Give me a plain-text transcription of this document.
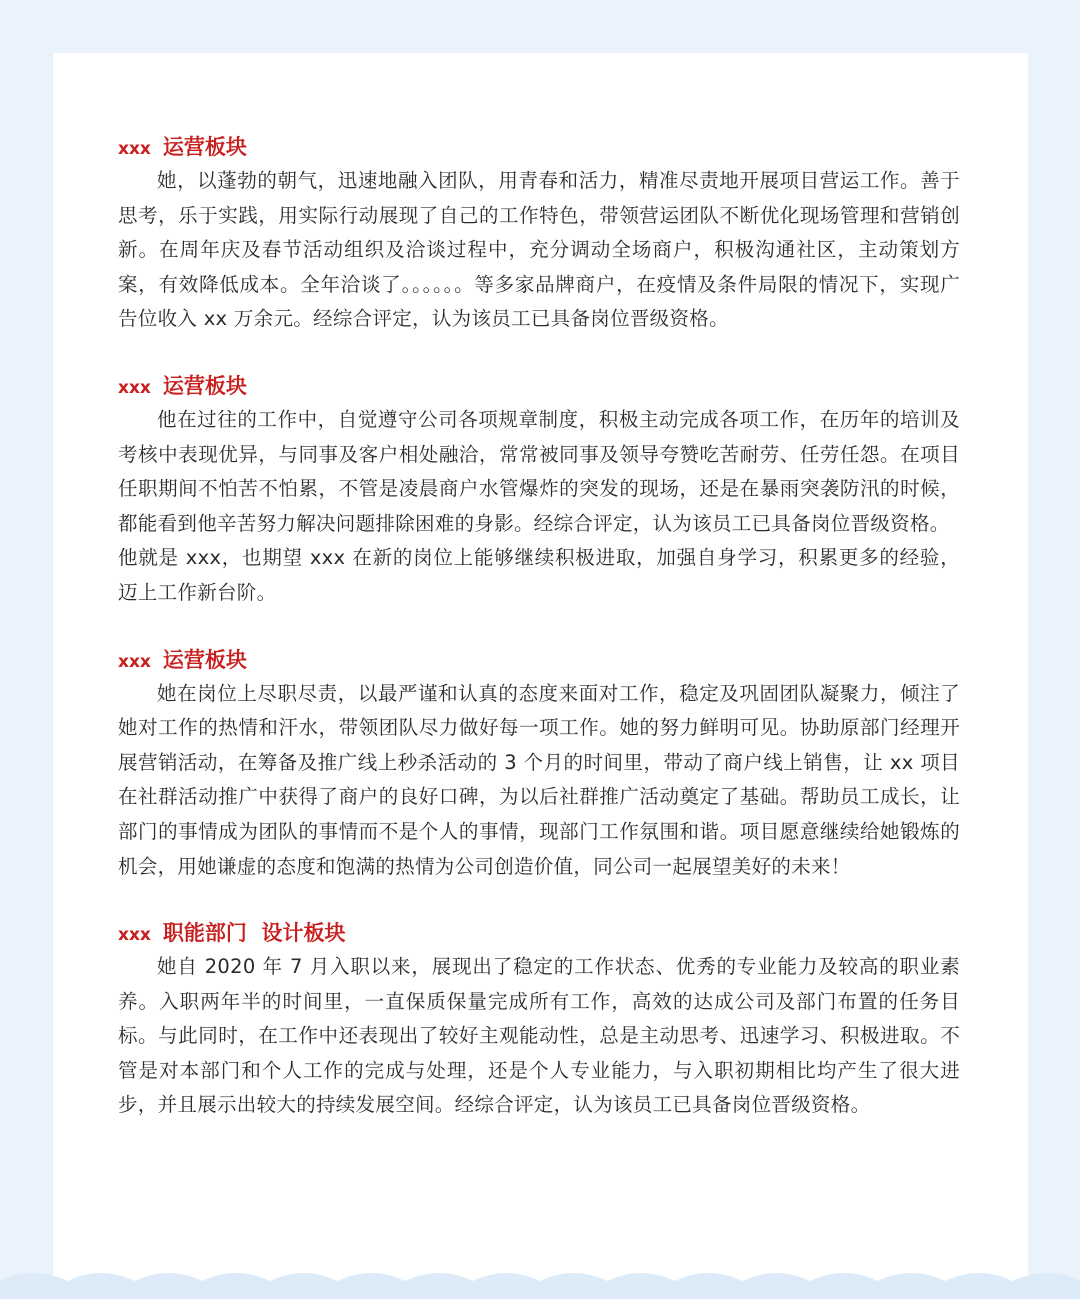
xxx 运营板块

她，以蓬勃的朝气，迅速地融入团队，用青春和活力，精准尽责地开展项目营运工作。善于思考，乐于实践，用实际行动展现了自己的工作特色，带领营运团队不断优化现场管理和营销创新。在周年庆及春节活动组织及洽谈过程中，充分调动全场商户，积极沟通社区，主动策划方案，有效降低成本。全年洽谈了。。。。。。等多家品牌商户，在疫情及条件局限的情况下，实现广告位收入 xx 万余元。经综合评定，认为该员工已具备岗位晋级资格。

xxx 运营板块

他在过往的工作中，自觉遵守公司各项规章制度，积极主动完成各项工作，在历年的培训及考核中表现优异，与同事及客户相处融洽，常常被同事及领导夸赞吃苦耐劳、任劳任怨。在项目任职期间不怕苦不怕累，不管是凌晨商户水管爆炸的突发的现场，还是在暴雨突袭防汛的时候，都能看到他辛苦努力解决问题排除困难的身影。经综合评定，认为该员工已具备岗位晋级资格。

他就是 xxx，也期望 xxx 在新的岗位上能够继续积极进取，加强自身学习，积累更多的经验，迈上工作新台阶。

xxx 运营板块

她在岗位上尽职尽责，以最严谨和认真的态度来面对工作，稳定及巩固团队凝聚力，倾注了她对工作的热情和汗水，带领团队尽力做好每一项工作。她的努力鲜明可见。协助原部门经理开展营销活动，在筹备及推广线上秒杀活动的 3 个月的时间里，带动了商户线上销售，让 xx 项目在社群活动推广中获得了商户的良好口碑，为以后社群推广活动奠定了基础。帮助员工成长，让部门的事情成为团队的事情而不是个人的事情，现部门工作氛围和谐。项目愿意继续给她锻炼的机会，用她谦虚的态度和饱满的热情为公司创造价值，同公司一起展望美好的未来！

xxx 职能部门  设计板块

她自 2020 年 7 月入职以来，展现出了稳定的工作状态、优秀的专业能力及较高的职业素养。入职两年半的时间里，一直保质保量完成所有工作，高效的达成公司及部门布置的任务目标。与此同时，在工作中还表现出了较好主观能动性，总是主动思考、迅速学习、积极进取。不管是对本部门和个人工作的完成与处理，还是个人专业能力，与入职初期相比均产生了很大进步，并且展示出较大的持续发展空间。经综合评定，认为该员工已具备岗位晋级资格。
